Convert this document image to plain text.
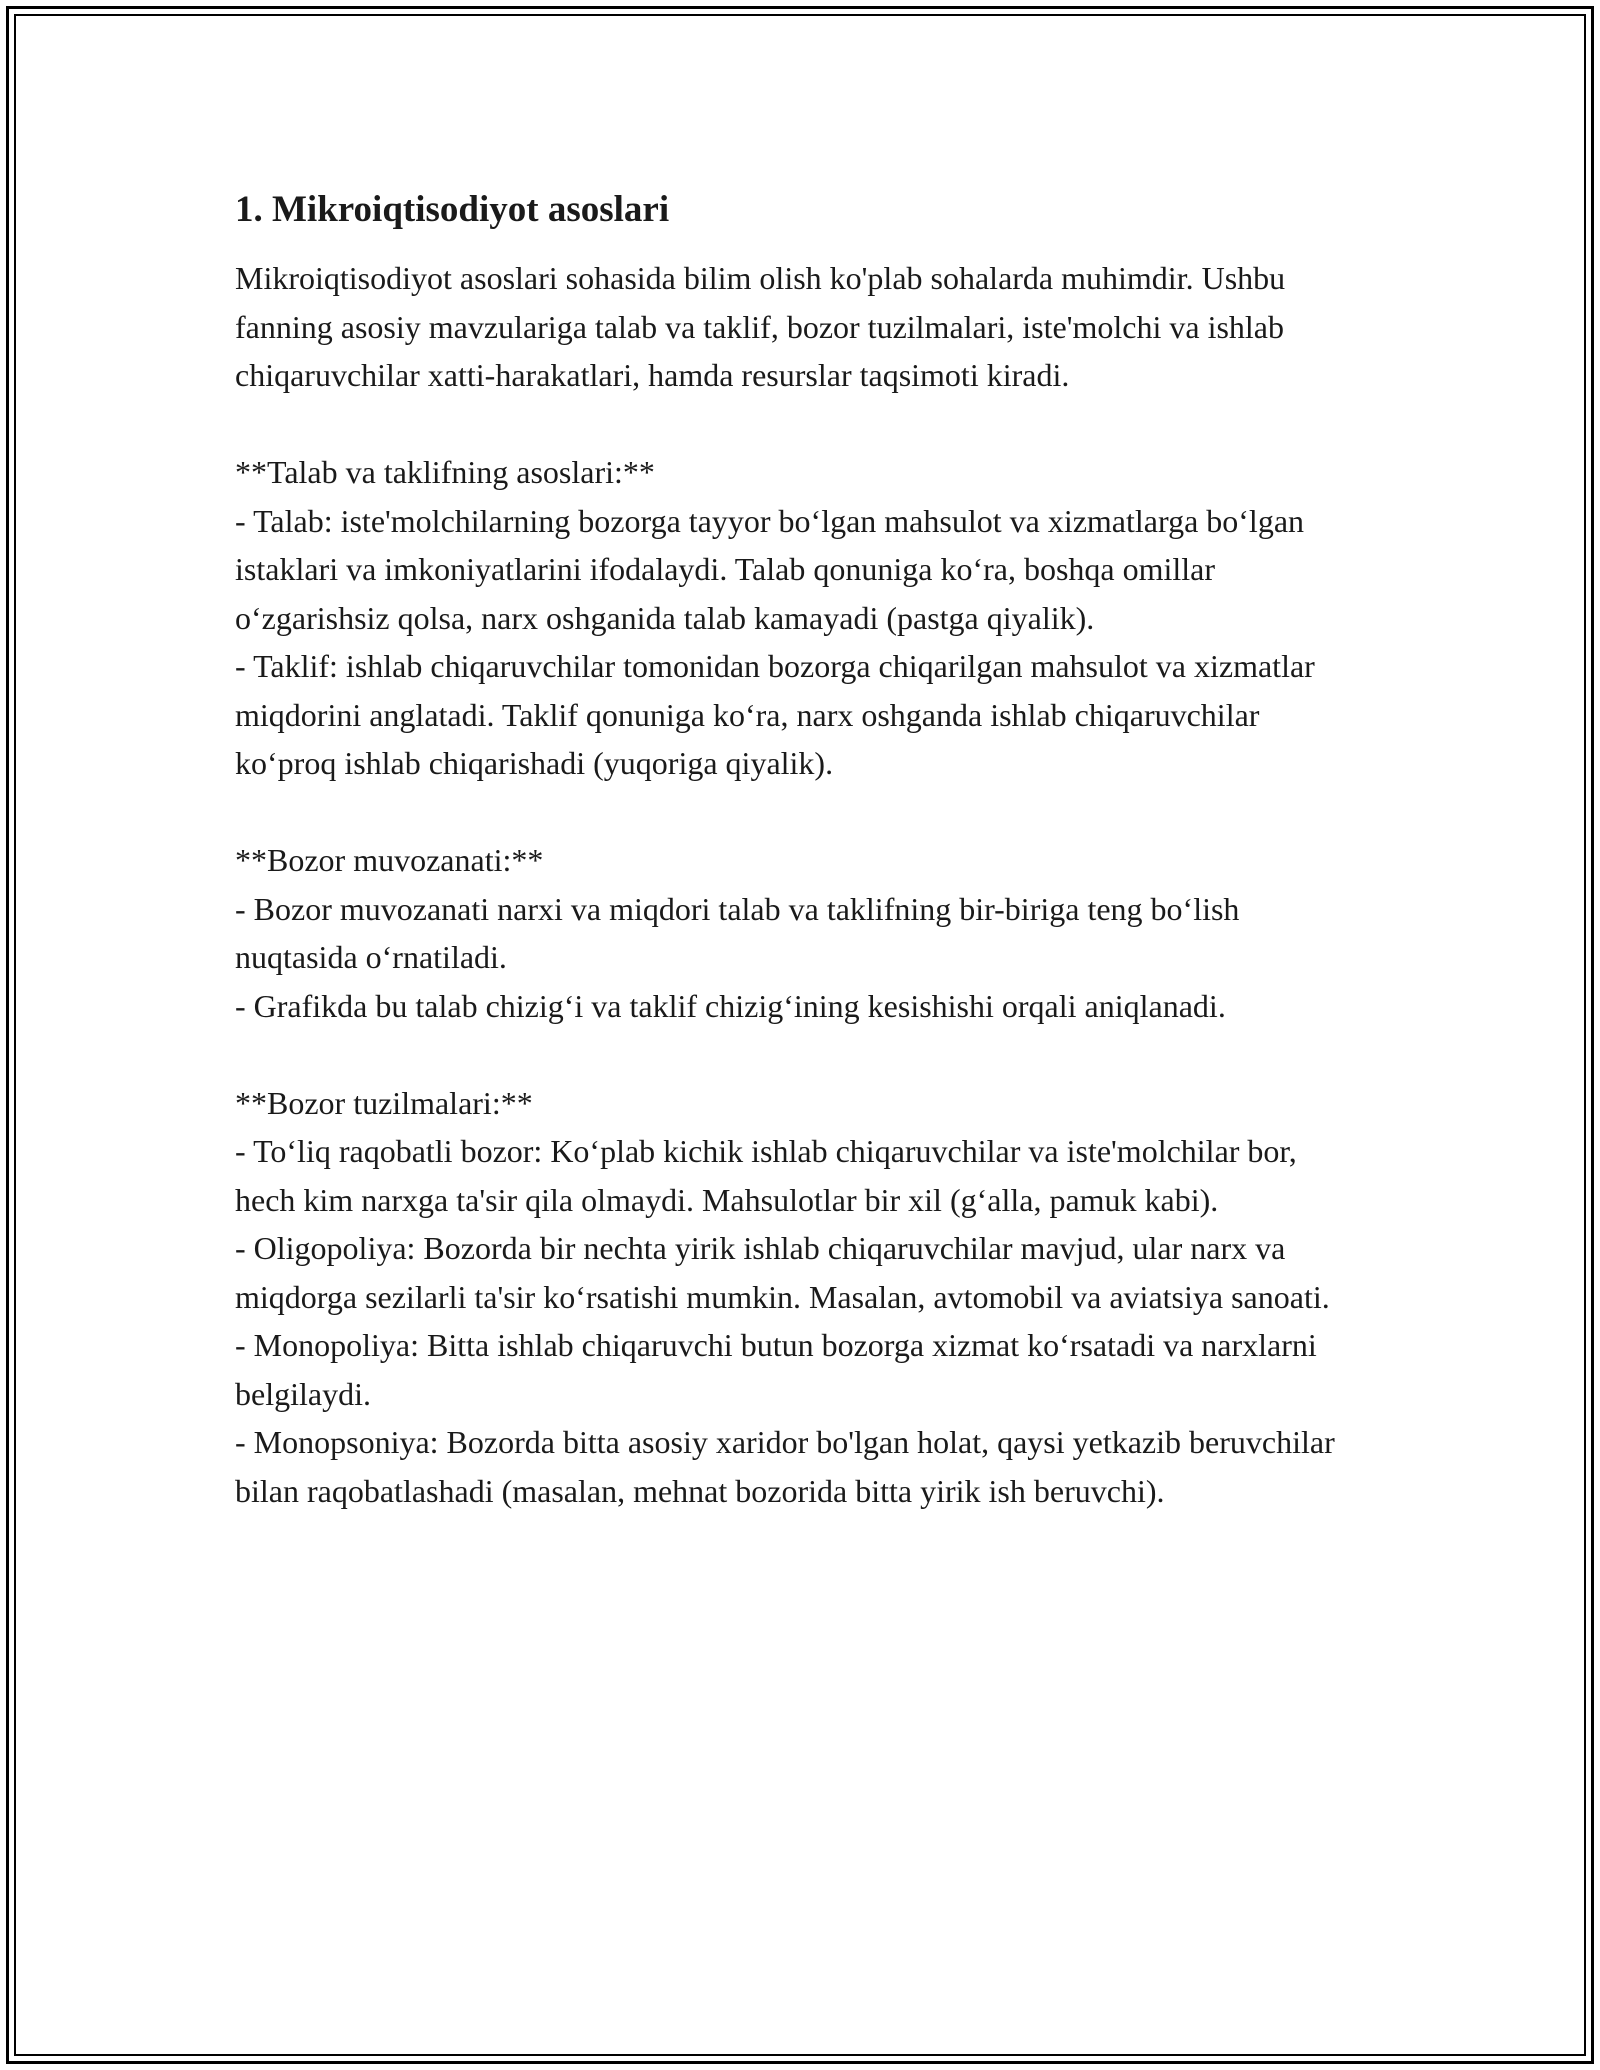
1. Mikroiqtisodiyot asoslari

Mikroiqtisodiyot asoslari sohasida bilim olish ko'plab sohalarda muhimdir. Ushbu fanning asosiy mavzulariga talab va taklif, bozor tuzilmalari, iste'molchi va ishlab chiqaruvchilar xatti-harakatlari, hamda resurslar taqsimoti kiradi.

**Talab va taklifning asoslari:**

- Talab: iste'molchilarning bozorga tayyor bo‘lgan mahsulot va xizmatlarga bo‘lgan istaklari va imkoniyatlarini ifodalaydi. Talab qonuniga ko‘ra, boshqa omillar o‘zgarishsiz qolsa, narx oshganida talab kamayadi (pastga qiyalik).

- Taklif: ishlab chiqaruvchilar tomonidan bozorga chiqarilgan mahsulot va xizmatlar miqdorini anglatadi. Taklif qonuniga ko‘ra, narx oshganda ishlab chiqaruvchilar ko‘proq ishlab chiqarishadi (yuqoriga qiyalik).

**Bozor muvozanati:**

- Bozor muvozanati narxi va miqdori talab va taklifning bir-biriga teng bo‘lish nuqtasida o‘rnatiladi.

- Grafikda bu talab chizig‘i va taklif chizig‘ining kesishishi orqali aniqlanadi.

**Bozor tuzilmalari:**

- To‘liq raqobatli bozor: Ko‘plab kichik ishlab chiqaruvchilar va iste'molchilar bor, hech kim narxga ta'sir qila olmaydi. Mahsulotlar bir xil (g‘alla, pamuk kabi).

- Oligopoliya: Bozorda bir nechta yirik ishlab chiqaruvchilar mavjud, ular narx va miqdorga sezilarli ta'sir ko‘rsatishi mumkin. Masalan, avtomobil va aviatsiya sanoati.

- Monopoliya: Bitta ishlab chiqaruvchi butun bozorga xizmat ko‘rsatadi va narxlarni belgilaydi.

- Monopsoniya: Bozorda bitta asosiy xaridor bo'lgan holat, qaysi yetkazib beruvchilar bilan raqobatlashadi (masalan, mehnat bozorida bitta yirik ish beruvchi).
